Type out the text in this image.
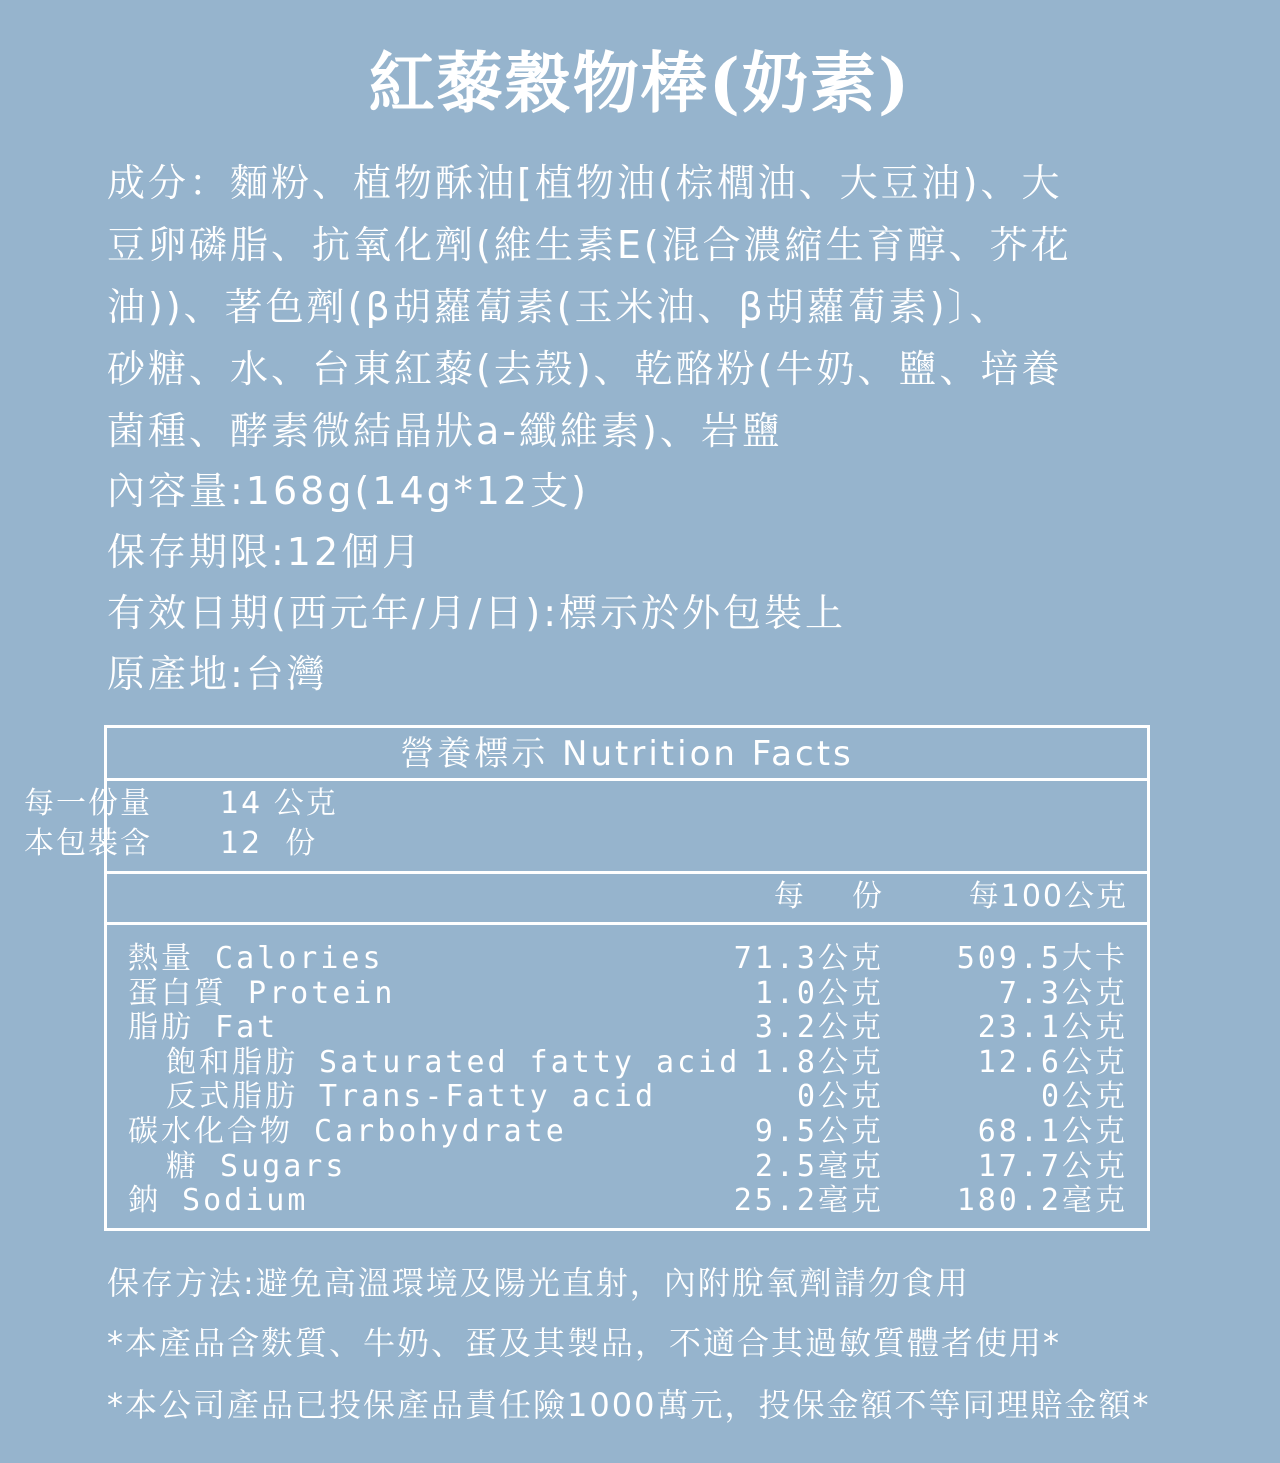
紅藜穀物棒(奶素)
成分：麵粉、植物酥油[植物油(棕櫚油、大豆油)、大
豆卵磷脂、抗氧化劑(維生素E(混合濃縮生育醇、芥花
油))、著色劑(β胡蘿蔔素(玉米油、β胡蘿蔔素)〕、
砂糖、水、台東紅藜(去殼)、乾酪粉(牛奶、鹽、培養
菌種、酵素微結晶狀a-纖維素)、岩鹽
內容量:168g(14g*12支)
保存期限:12個月
有效日期(西元年/月/日):標示於外包裝上
原產地:台灣
營養標示 Nutrition Facts
每一份量 14 公克
本包裝含 12  份
每    份	每100公克
熱量 Calories	71.3公克 509.5大卡
蛋白質 Protein	1.0公克	7.3公克
脂肪 Fat	3.2公克	23.1公克
飽和脂肪 Saturated fatty acid 1.8公克	12.6公克
反式脂肪 Trans-Fatty acid	0公克	0公克
碳水化合物 Carbohydrate	9.5公克	68.1公克
糖 Sugars	2.5毫克	17.7公克
鈉 Sodium	25.2毫克 180.2毫克
保存方法:避免高溫環境及陽光直射，內附脫氧劑請勿食用
*本產品含麩質、牛奶、蛋及其製品，不適合其過敏質體者使用*
*本公司產品已投保產品責任險1000萬元，投保金額不等同理賠金額*
